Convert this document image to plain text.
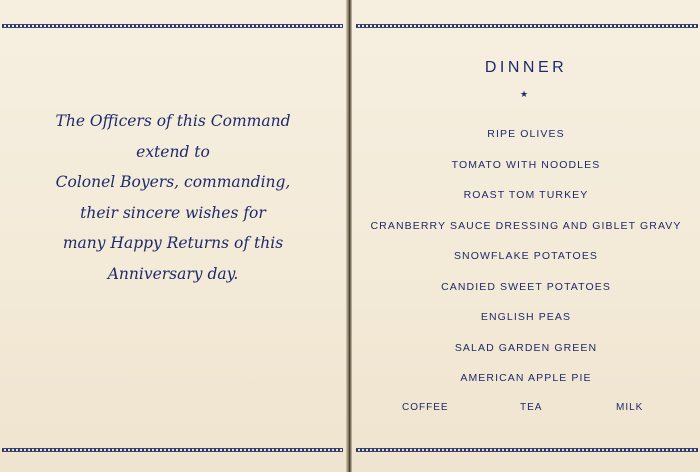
The Officers of this Command
extend to
Colonel Boyers, commanding,
their sincere wishes for
many Happy Returns of this
Anniversary day.
DINNER
★
RIPE OLIVES
TOMATO WITH NOODLES
ROAST TOM TURKEY
CRANBERRY SAUCE DRESSING AND GIBLET GRAVY
SNOWFLAKE POTATOES
CANDIED SWEET POTATOES
ENGLISH PEAS
SALAD GARDEN GREEN
AMERICAN APPLE PIE
COFFEE	TEA	MILK
